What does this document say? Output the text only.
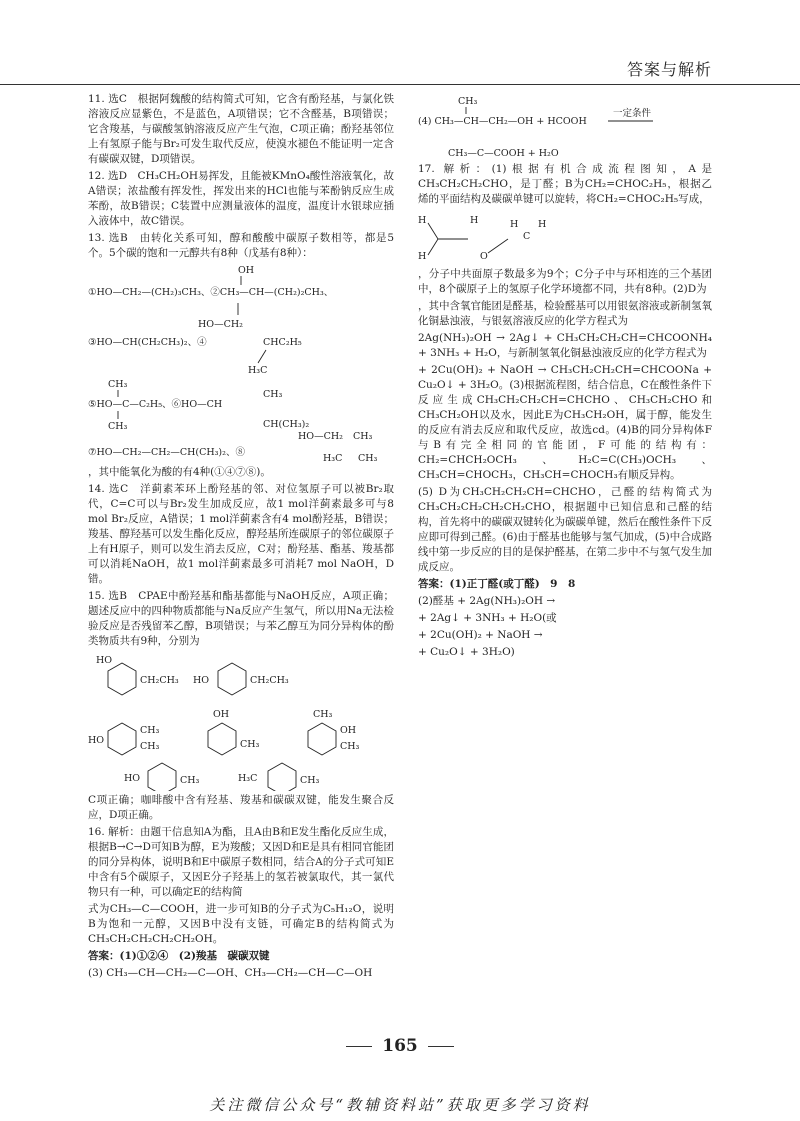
答案与解析

11. 选C　根据阿魏酸的结构简式可知，它含有酚羟基，与氯化铁溶液反应显紫色，不是蓝色，A项错误；它不含醛基，B项错误；它含羧基，与碳酸氢钠溶液反应产生气泡，C项正确；酚羟基邻位上有氢原子能与Br₂可发生取代反应，使溴水褪色不能证明一定含有碳碳双键，D项错误。

12. 选D　CH₃CH₂OH易挥发，且能被KMnO₄酸性溶液氧化，故A错误；浓盐酸有挥发性，挥发出来的HCl也能与苯酚钠反应生成苯酚，故B错误；C装置中应测量液体的温度，温度计水银球应插入液体中，故C错误。

13. 选B　由转化关系可知，醇和酸酸中碳原子数相等，都是5个。5个碳的饱和一元醇共有8种（戊基有8种）：

OH
①HO—CH₂—(CH₂)₃CH₃、②CH₃—CH—(CH₂)₂CH₃、
HO—CH₂
③HO—CH(CH₂CH₃)₂、④	CHC₂H₅
H₃C
CH₃
⑤HO—C—C₂H₅、⑥HO—CH
CH₃
CH₃
CH(CH₃)₂
⑦HO—CH₂—CH₂—CH(CH₃)₂、⑧
HO—CH₂ CH₃
H₃C CH₃

，其中能氧化为酸的有4种(①④⑦⑧)。

14. 选C　洋蓟素苯环上酚羟基的邻、对位氢原子可以被Br₂取代，C=C可以与Br₂发生加成反应，故1 mol洋蓟素最多可与8 mol Br₂反应，A错误；1 mol洋蓟素含有4 mol酚羟基，B错误；羧基、醇羟基可以发生酯化反应，醇羟基所连碳原子的邻位碳原子上有H原子，则可以发生消去反应，C对；酚羟基、酯基、羧基都可以消耗NaOH，故1 mol洋蓟素最多可消耗7 mol NaOH，D错。

15. 选B　CPAE中酚羟基和酯基都能与NaOH反应，A项正确；题述反应中的四种物质都能与Na反应产生氢气，所以用Na无法检验反应是否残留苯乙醇，B项错误；与苯乙醇互为同分异构体的酚类物质共有9种，分别为

CH₂CH₃
HO
CH₂CH₃
HO
CH₃
CH₃
HO
OH
CH₃
CH₃
OH
CH₃
CH₃
HO	CH₃
H₃C

C项正确；咖啡酸中含有羟基、羧基和碳碳双键，能发生聚合反应，D项正确。

16. 解析：由题干信息知A为酯，且A由B和E发生酯化反应生成，根据B→C→D可知B为醇，E为羧酸；又因D和E是具有相同官能团的同分异构体，说明B和E中碳原子数相同，结合A的分子式可知E中含有5个碳原子，又因E分子羟基上的氢若被氯取代，其一氯代物只有一种，可以确定E的结构简

式为CH₃—C—COOH，进一步可知B的分子式为C₅H₁₂O，说明B为饱和一元醇，又因B中没有支链，可确定B的结构简式为CH₃CH₂CH₂CH₂CH₂OH。

答案：(1)①②④　(2)羧基　碳碳双键

(3) CH₃—CH—CH₂—C—OH、CH₃—CH₂—CH—C—OH

CH₃
(4) CH₃—CH—CH₂—OH + HCOOH
一定条件
CH₃—C—COOH + H₂O

17. 解析：(1)根据有机合成流程图知，A是CH₃CH₂CH₂CHO，是丁醛；B为CH₂=CHOC₂H₅，根据乙烯的平面结构及碳碳单键可以旋转，将CH₂=CHOC₂H₅写成，

H
H
H
O
H
C
H

，分子中共面原子数最多为9个；C分子中与环相连的三个基团中，8个碳原子上的氢原子化学环境都不同，共有8种。(2)D为

，其中含氧官能团是醛基，检验醛基可以用银氨溶液或新制氢氧化铜悬浊液，与银氨溶液反应的化学方程式为

2Ag(NH₃)₂OH → 2Ag↓ + CH₃CH₂CH₂CH=CHCOONH₄ + 3NH₃ + H₂O，与新制氢氧化铜悬浊液反应的化学方程式为

+ 2Cu(OH)₂ + NaOH → CH₃CH₂CH₂CH=CHCOONa + Cu₂O↓ + 3H₂O。(3)根据流程图，结合信息，C在酸性条件下反应生成CH₃CH₂CH₂CH=CHCHO、CH₃CH₂CHO和CH₃CH₂OH以及水，因此E为CH₃CH₂OH，属于醇，能发生的反应有消去反应和取代反应，故选cd。(4)B的同分异构体F与B有完全相同的官能团，F可能的结构有：CH₂=CHCH₂OCH₃、H₂C=C(CH₃)OCH₃、CH₃CH=CHOCH₃，CH₃CH=CHOCH₃有顺反异构。

(5) D为CH₃CH₂CH₂CH=CHCHO，己醛的结构简式为CH₃CH₂CH₂CH₂CH₂CHO，根据题中已知信息和己醛的结构，首先将中的碳碳双键转化为碳碳单键，然后在酸性条件下反应即可得到己醛。(6)由于醛基也能够与氢气加成，(5)中合成路线中第一步反应的目的是保护醛基，在第二步中不与氢气发生加成反应。

答案：(1)正丁醛(或丁醛)　9　8

(2)醛基 + 2Ag(NH₃)₂OH →

+ 2Ag↓ + 3NH₃ + H₂O(或

+ 2Cu(OH)₂ + NaOH →

+ Cu₂O↓ + 3H₂O)

165
关注微信公众号“教辅资料站”获取更多学习资料
